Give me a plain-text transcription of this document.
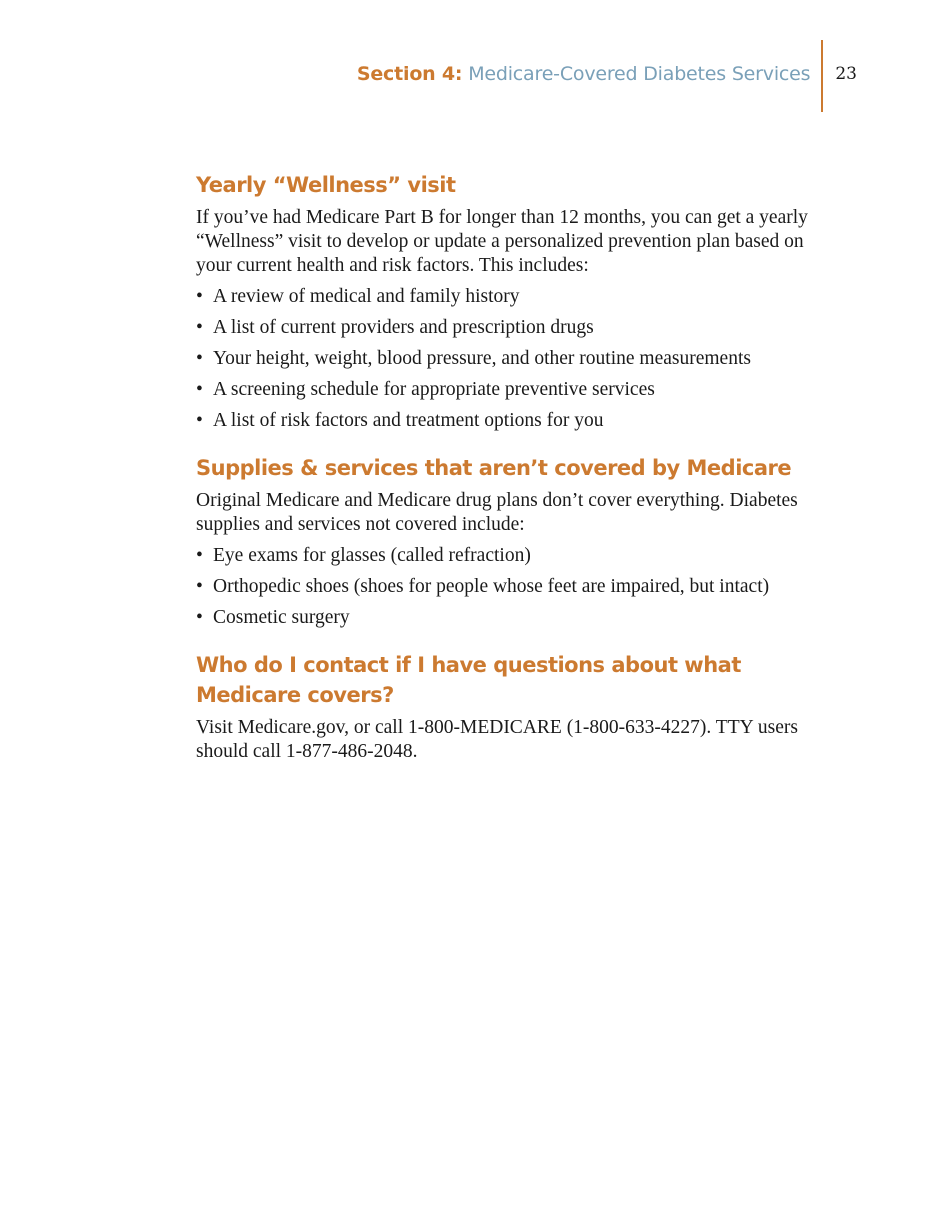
Section 4: Medicare-Covered Diabetes Services	23
Yearly “Wellness” visit

If you’ve had Medicare Part B for longer than 12 months, you can get a yearly “Wellness” visit to develop or update a personalized prevention plan based on your current health and risk factors. This includes:

• A review of medical and family history
• A list of current providers and prescription drugs
• Your height, weight, blood pressure, and other routine measurements
• A screening schedule for appropriate preventive services
• A list of risk factors and treatment options for you
Supplies & services that aren’t covered by Medicare

Original Medicare and Medicare drug plans don’t cover everything. Diabetes supplies and services not covered include:

• Eye exams for glasses (called refraction)
• Orthopedic shoes (shoes for people whose feet are impaired, but intact)
• Cosmetic surgery
Who do I contact if I have questions about what Medicare covers?

Visit Medicare.gov, or call 1-800-MEDICARE (1-800-633-4227). TTY users should call 1-877-486-2048.
